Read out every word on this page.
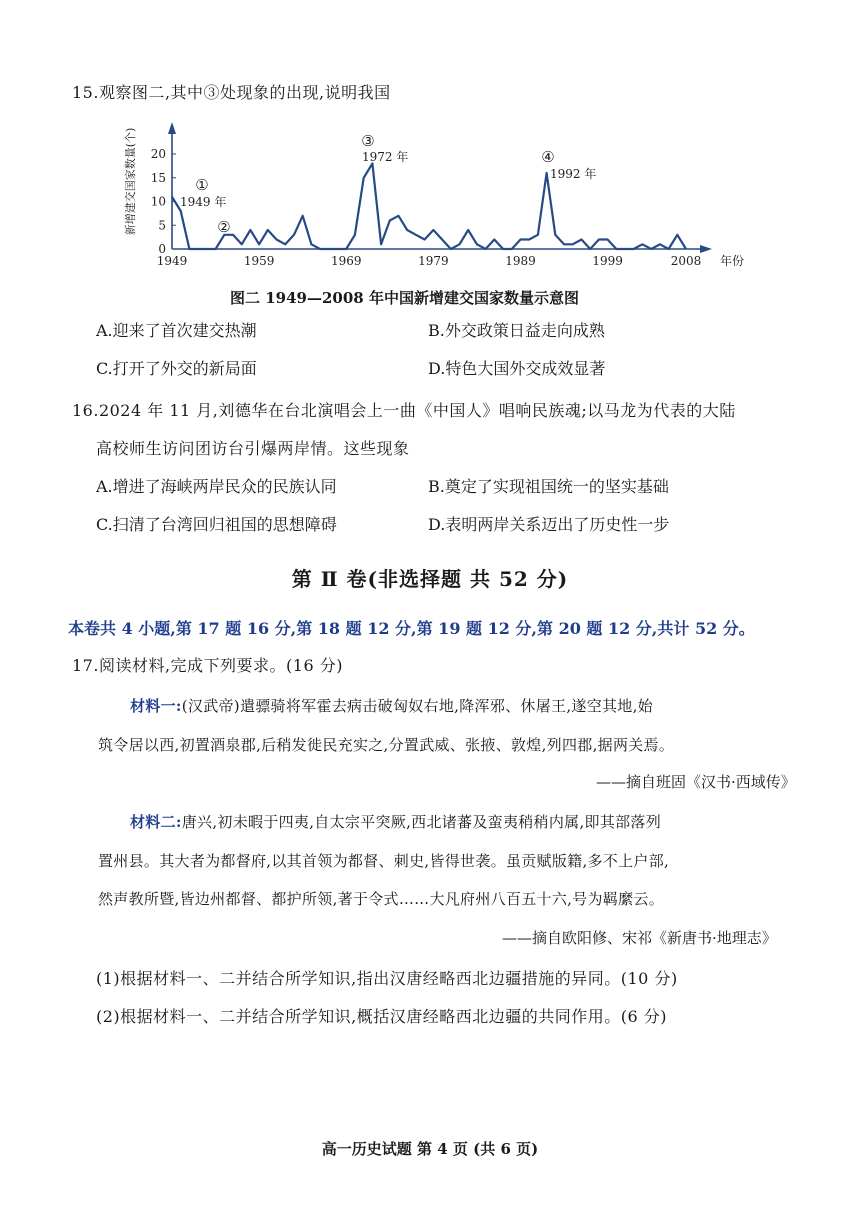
15.观察图二,其中③处现象的出现,说明我国
0
5
10
15
20
1949	1959	1969	1979	1989	1999	2008
新增建交国家数量(个)
年份
①
1949 年
②
③
1972 年	④
1992 年
图二 1949—2008 年中国新增建交国家数量示意图
A.迎来了首次建交热潮	B.外交政策日益走向成熟
C.打开了外交的新局面	D.特色大国外交成效显著
16.2024 年 11 月,刘德华在台北演唱会上一曲《中国人》唱响民族魂;以马龙为代表的大陆
高校师生访问团访台引爆两岸情。这些现象
A.增进了海峡两岸民众的民族认同	B.奠定了实现祖国统一的坚实基础
C.扫清了台湾回归祖国的思想障碍	D.表明两岸关系迈出了历史性一步
第 Ⅱ 卷(非选择题 共 52 分)
本卷共 4 小题,第 17 题 16 分,第 18 题 12 分,第 19 题 12 分,第 20 题 12 分,共计 52 分。
17.阅读材料,完成下列要求。(16 分)
材料一:(汉武帝)遣骠骑将军霍去病击破匈奴右地,降浑邪、休屠王,遂空其地,始
筑令居以西,初置酒泉郡,后稍发徙民充实之,分置武威、张掖、敦煌,列四郡,据两关焉。
——摘自班固《汉书·西域传》
材料二:唐兴,初未暇于四夷,自太宗平突厥,西北诸蕃及蛮夷稍稍内属,即其部落列
置州县。其大者为都督府,以其首领为都督、刺史,皆得世袭。虽贡赋版籍,多不上户部,
然声教所暨,皆边州都督、都护所领,著于令式……大凡府州八百五十六,号为羁縻云。
——摘自欧阳修、宋祁《新唐书·地理志》
(1)根据材料一、二并结合所学知识,指出汉唐经略西北边疆措施的异同。(10 分)
(2)根据材料一、二并结合所学知识,概括汉唐经略西北边疆的共同作用。(6 分)
高一历史试题 第 4 页 (共 6 页)
